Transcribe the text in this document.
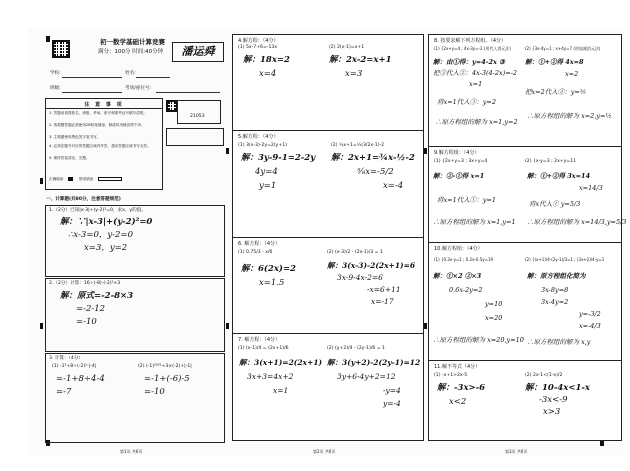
初一数学基础计算竞赛
满分：100分 时间:40分钟
学校:	姓名:
潘运舜
班级:	考场/座位号:
注 意 事 项
1. 答题前请将姓名、班级、考场、座号和准考证号填写清楚。
2. 客观题答题必须使用2B铅笔填涂，修改时用橡皮擦干净。
3. 主观题使用黑色签字笔书写。
4. 必须在题号对应的答题区域内作答，超出答题区域书写无效。
5. 保持答卷清洁、完整。
正确填涂	错误填涂
21053
一、计算题(共80分，注意答题规范)
1.（2分）已知|x-3|+(y-2)²=0，求x、y的值。
解：∵|x-3|+(y-2)²=0
∴x-3=0，y-2=0
x=3，y=2
2.（2分）计算：16÷(-8)-(-2)²×3
解：原式=-2-8×3
=-2-12
=-10
3. 计算：（4分）
(1) -1²+8÷(-2)²-|-4|	(2) (-1)²⁰²¹+3×(-2)+|-1|
=-1+8÷4-4
=-7
=-1+(-6)-5
=-10
第1页 共6页
4.解方程：（4分）
(1) 5x-7+6=-13x	(2) 2(x-1)=x+1
解：18x=2
x=4
解：2x-2=x+1
x=3
5.解方程：（4分）
(1) 3(x-3)-2y=2(y+1)	(2) ½x+1=½(3/2x-1)-2
解：3y-9-1=2-2y
4y=4
y=1
解：2x+1=¾x-½-2
⅝x=-5/2
x=-4
6. 解方程：（4分）
(1) 0.75/3 - x/6	(2) (x-3)/2 - (2x-1)/3 = 1
解：6(2x)=2
x=1.5
解：3(x-3)-2(2x+1)=6
3x-9-4x-2=6
-x=6+11
x=-17
7. 解方程：（4分）
(1) (x-1)/4 = (2x+1)/6	(2) (y+2)/4 - (2y-1)/6 = 1
解：3(x+1)=2(2x+1)
3x+3=4x+2
x=1
解：3(y+2)-2(2y-1)=12
3y+6-4y+2=12
-y=4
y=-4
第2页 共6页
8. 按要求解下列方程组。（4分）
(1) {2x+y=4 ; 4x-3y=-2 (用代入消元法)	(2) {3x-4y=1 ; x+4y=7 (用加减消元法)
解：由①得：y=4-2x ③
把③代入②：4x-3(4-2x)=-2
x=1
将x=1代入③：y=2
∴原方程组的解为 x=1,y=2
解：①+②得 4x=8
x=2
把x=2代入②：y=½
∴原方程组的解为 x=2,y=½
9.解方程组：（4分）
(1) {2x+y=3 ; 3x+y=4	(2) {x-y=3 ; 2x+y=11
解：②-①得 x=1
将x=1代入①：y=1
∴原方程组的解为 x=1,y=1
解：①+②得 3x=14
x=14/3
将x代入① y=5/3
∴原方程组的解为 x=14/3,y=5/3
10.解方程组：（4分）
(1) {0.3x-y=1 ; 0.2x-0.5y=19	(2) {(x+1)/4-(2y-1)/3=1 ; (3x+2)/4-y=1
解：①×2 ②×3
0.6x-2y=2
y=10
x=20
∴原方程组的解为 x=20,y=10
解：原方程组化简为
3x-8y=8
3x-4y=2
y=-3/2
x=-4/3
∴原方程组的解为 x,y
11.解不等式（4分）
(1) -x+1>2x-5	(2) 2x-1<(1-x)/2
解：-3x>-6
x<2
解：10-4x<1-x
-3x<-9
x>3
第3页 共6页
